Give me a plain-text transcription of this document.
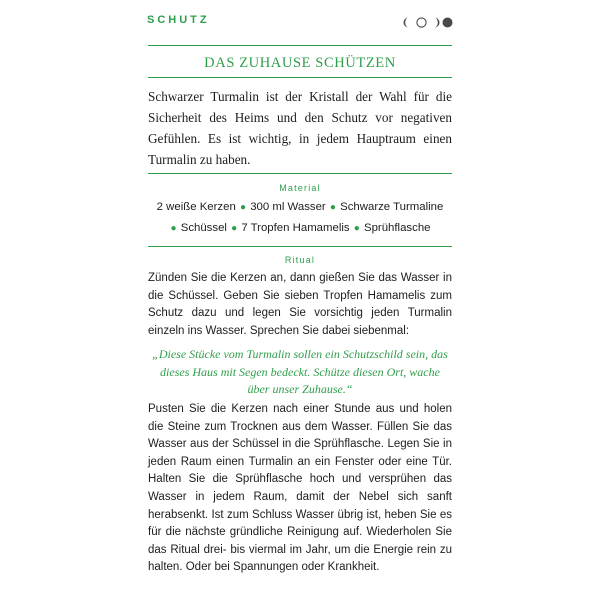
SCHUTZ
DAS ZUHAUSE SCHÜTZEN

Schwarzer Turmalin ist der Kristall der Wahl für die Sicherheit des Heims und den Schutz vor negativen Gefühlen. Es ist wichtig, in jedem Hauptraum einen Turmalin zu haben.

Material

2 weiße Kerzen ● 300 ml Wasser ● Schwarze Turmaline
● Schüssel ● 7 Tropfen Hamamelis ● Sprühflasche

Ritual

Zünden Sie die Kerzen an, dann gießen Sie das Wasser in die Schüssel. Geben Sie sieben Tropfen Hamamelis zum Schutz dazu und legen Sie vorsichtig jeden Turmalin einzeln ins Wasser. Sprechen Sie dabei siebenmal:

„Diese Stücke vom Turmalin sollen ein Schutzschild sein, das dieses Haus mit Segen bedeckt. Schütze diesen Ort, wache über unser Zuhause.“

Pusten Sie die Kerzen nach einer Stunde aus und holen die Steine zum Trocknen aus dem Wasser. Füllen Sie das Wasser aus der Schüssel in die Sprühflasche. Legen Sie in jeden Raum einen Turmalin an ein Fenster oder eine Tür. Halten Sie die Sprühflasche hoch und versprühen das Wasser in jedem Raum, damit der Nebel sich sanft herabsenkt. Ist zum Schluss Wasser übrig ist, heben Sie es für die nächste gründliche Reinigung auf. Wiederholen Sie das Ritual drei- bis viermal im Jahr, um die Energie rein zu halten. Oder bei Spannungen oder Krankheit.
